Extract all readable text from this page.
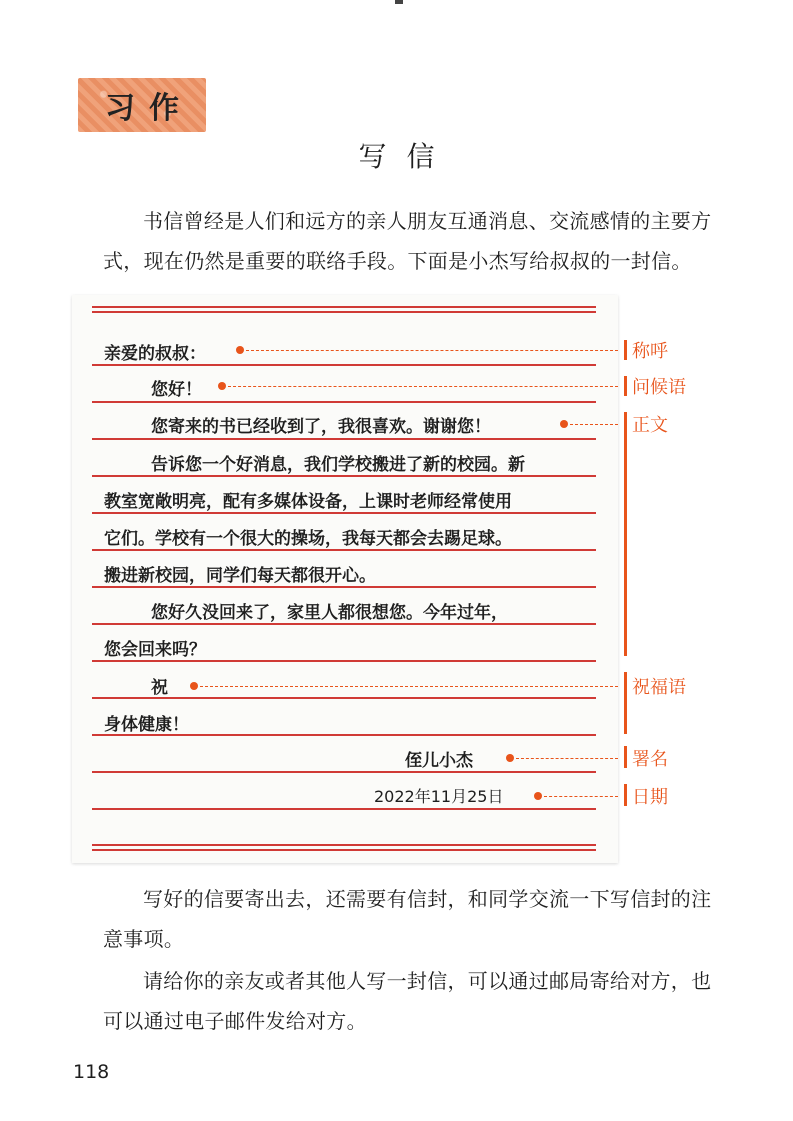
习作
写信
书信曾经是人们和远方的亲人朋友互通消息、交流感情的主要方式，现在仍然是重要的联络手段。下面是小杰写给叔叔的一封信。
亲爱的叔叔：
您好！
您寄来的书已经收到了，我很喜欢。谢谢您！
告诉您一个好消息，我们学校搬进了新的校园。新
教室宽敞明亮，配有多媒体设备，上课时老师经常使用
它们。学校有一个很大的操场，我每天都会去踢足球。
搬进新校园，同学们每天都很开心。
您好久没回来了，家里人都很想您。今年过年，
您会回来吗？
祝
身体健康！
侄儿小杰
2022年11月25日
称呼
问候语
正文
祝福语
署名
日期
写好的信要寄出去，还需要有信封，和同学交流一下写信封的注意事项。
请给你的亲友或者其他人写一封信，可以通过邮局寄给对方，也可以通过电子邮件发给对方。
118
